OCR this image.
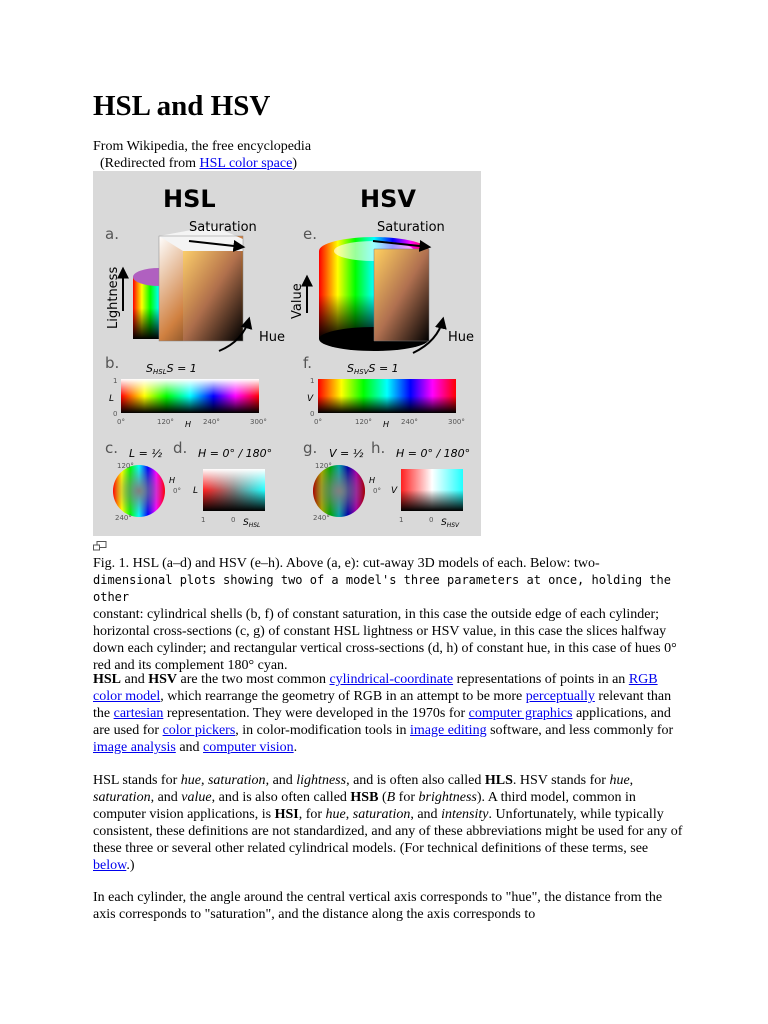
HSL and HSV
From Wikipedia, the free encyclopedia
(Redirected from HSL color space)
HSL	HSV
a.	e.
b.	f.
c.	d.	g.	h.
Saturation
Lightness
Hue
Saturation
Value
Hue
SHSLS = 1
1
0
L
0°	120°	240°	300°
H
SHSVS = 1
1
0
V
0°	120°	240°	300°
H
L = ½
120°
240°
0°
H
H = 0° / 180°
L
1	0 $S_{HSL}$
V = ½
120°
240°
0°
H
H = 0° / 180°
V
1	0 $S_{HSV}$
Fig. 1. HSL (a–d) and HSV (e–h). Above (a, e): cut-away 3D models of each. Below: two-
dimensional plots showing two of a model's three parameters at once, holding the other
constant: cylindrical shells (b, f) of constant saturation, in this case the outside edge of each cylinder; horizontal cross-sections (c, g) of constant HSL lightness or HSV value, in this case the slices halfway down each cylinder; and rectangular vertical cross-sections (d, h) of constant hue, in this case of hues 0° red and its complement 180° cyan.

HSL and HSV are the two most common cylindrical-coordinate representations of points in an RGB color model, which rearrange the geometry of RGB in an attempt to be more perceptually relevant than the cartesian representation. They were developed in the 1970s for computer graphics applications, and are used for color pickers, in color-modification tools in image editing software, and less commonly for image analysis and computer vision.

HSL stands for hue, saturation, and lightness, and is often also called HLS. HSV stands for hue, saturation, and value, and is also often called HSB (B for brightness). A third model, common in computer vision applications, is HSI, for hue, saturation, and intensity. Unfortunately, while typically consistent, these definitions are not standardized, and any of these abbreviations might be used for any of these three or several other related cylindrical models. (For technical definitions of these terms, see below.)

In each cylinder, the angle around the central vertical axis corresponds to "hue", the distance from the axis corresponds to "saturation", and the distance along the axis corresponds to
